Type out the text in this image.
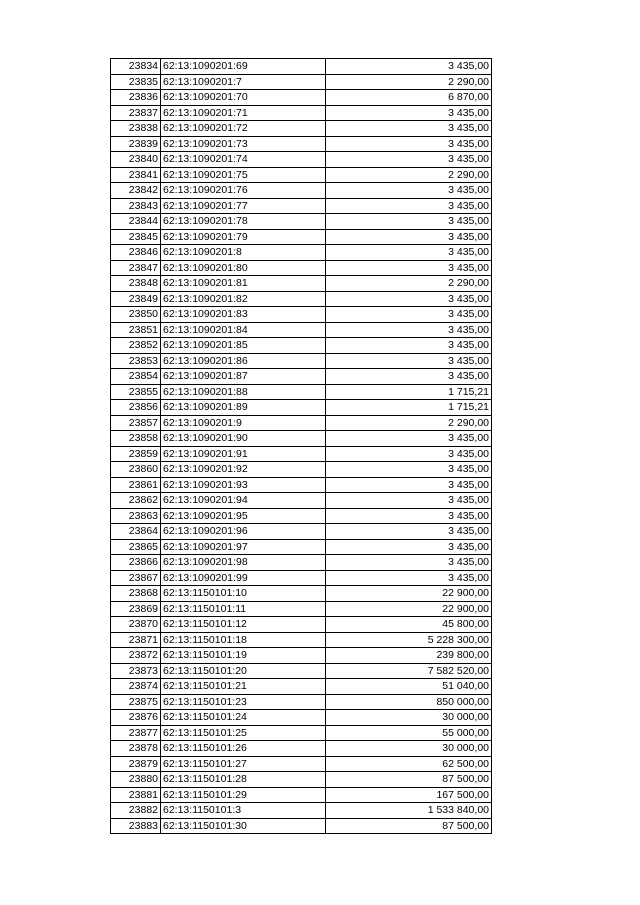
23834	62:13:1090201:69	3 435,00
23835	62:13:1090201:7	2 290,00
23836	62:13:1090201:70	6 870,00
23837	62:13:1090201:71	3 435,00
23838	62:13:1090201:72	3 435,00
23839	62:13:1090201:73	3 435,00
23840	62:13:1090201:74	3 435,00
23841	62:13:1090201:75	2 290,00
23842	62:13:1090201:76	3 435,00
23843	62:13:1090201:77	3 435,00
23844	62:13:1090201:78	3 435,00
23845	62:13:1090201:79	3 435,00
23846	62:13:1090201:8	3 435,00
23847	62:13:1090201:80	3 435,00
23848	62:13:1090201:81	2 290,00
23849	62:13:1090201:82	3 435,00
23850	62:13:1090201:83	3 435,00
23851	62:13:1090201:84	3 435,00
23852	62:13:1090201:85	3 435,00
23853	62:13:1090201:86	3 435,00
23854	62:13:1090201:87	3 435,00
23855	62:13:1090201:88	1 715,21
23856	62:13:1090201:89	1 715,21
23857	62:13:1090201:9	2 290,00
23858	62:13:1090201:90	3 435,00
23859	62:13:1090201:91	3 435,00
23860	62:13:1090201:92	3 435,00
23861	62:13:1090201:93	3 435,00
23862	62:13:1090201:94	3 435,00
23863	62:13:1090201:95	3 435,00
23864	62:13:1090201:96	3 435,00
23865	62:13:1090201:97	3 435,00
23866	62:13:1090201:98	3 435,00
23867	62:13:1090201:99	3 435,00
23868	62:13:1150101:10	22 900,00
23869	62:13:1150101:11	22 900,00
23870	62:13:1150101:12	45 800,00
23871	62:13:1150101:18	5 228 300,00
23872	62:13:1150101:19	239 800,00
23873	62:13:1150101:20	7 582 520,00
23874	62:13:1150101:21	51 040,00
23875	62:13:1150101:23	850 000,00
23876	62:13:1150101:24	30 000,00
23877	62:13:1150101:25	55 000,00
23878	62:13:1150101:26	30 000,00
23879	62:13:1150101:27	62 500,00
23880	62:13:1150101:28	87 500,00
23881	62:13:1150101:29	167 500,00
23882	62:13:1150101:3	1 533 840,00
23883	62:13:1150101:30	87 500,00
